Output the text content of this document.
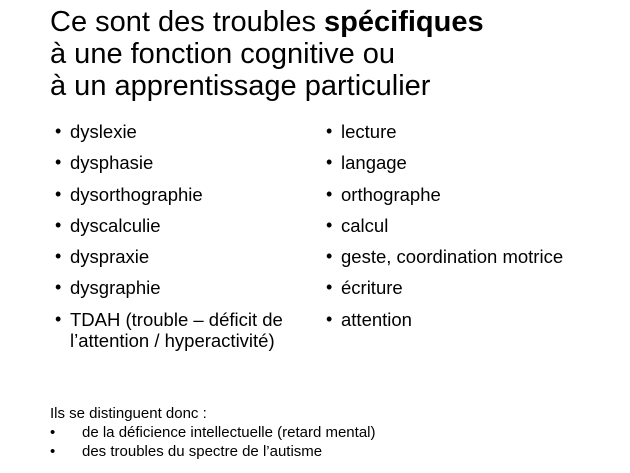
Ce sont des troubles spécifiques
à une fonction cognitive ou
à un apprentissage particulier
• dyslexie
• dysphasie
• dysorthographie
• dyscalculie
• dyspraxie
• dysgraphie
• TDAH (trouble – déficit de l’attention / hyperactivité)
• lecture
• langage
• orthographe
• calcul
• geste, coordination motrice
• écriture
• attention
Ils se distinguent donc :
• de la déficience intellectuelle (retard mental)
• des troubles du spectre de l’autisme
